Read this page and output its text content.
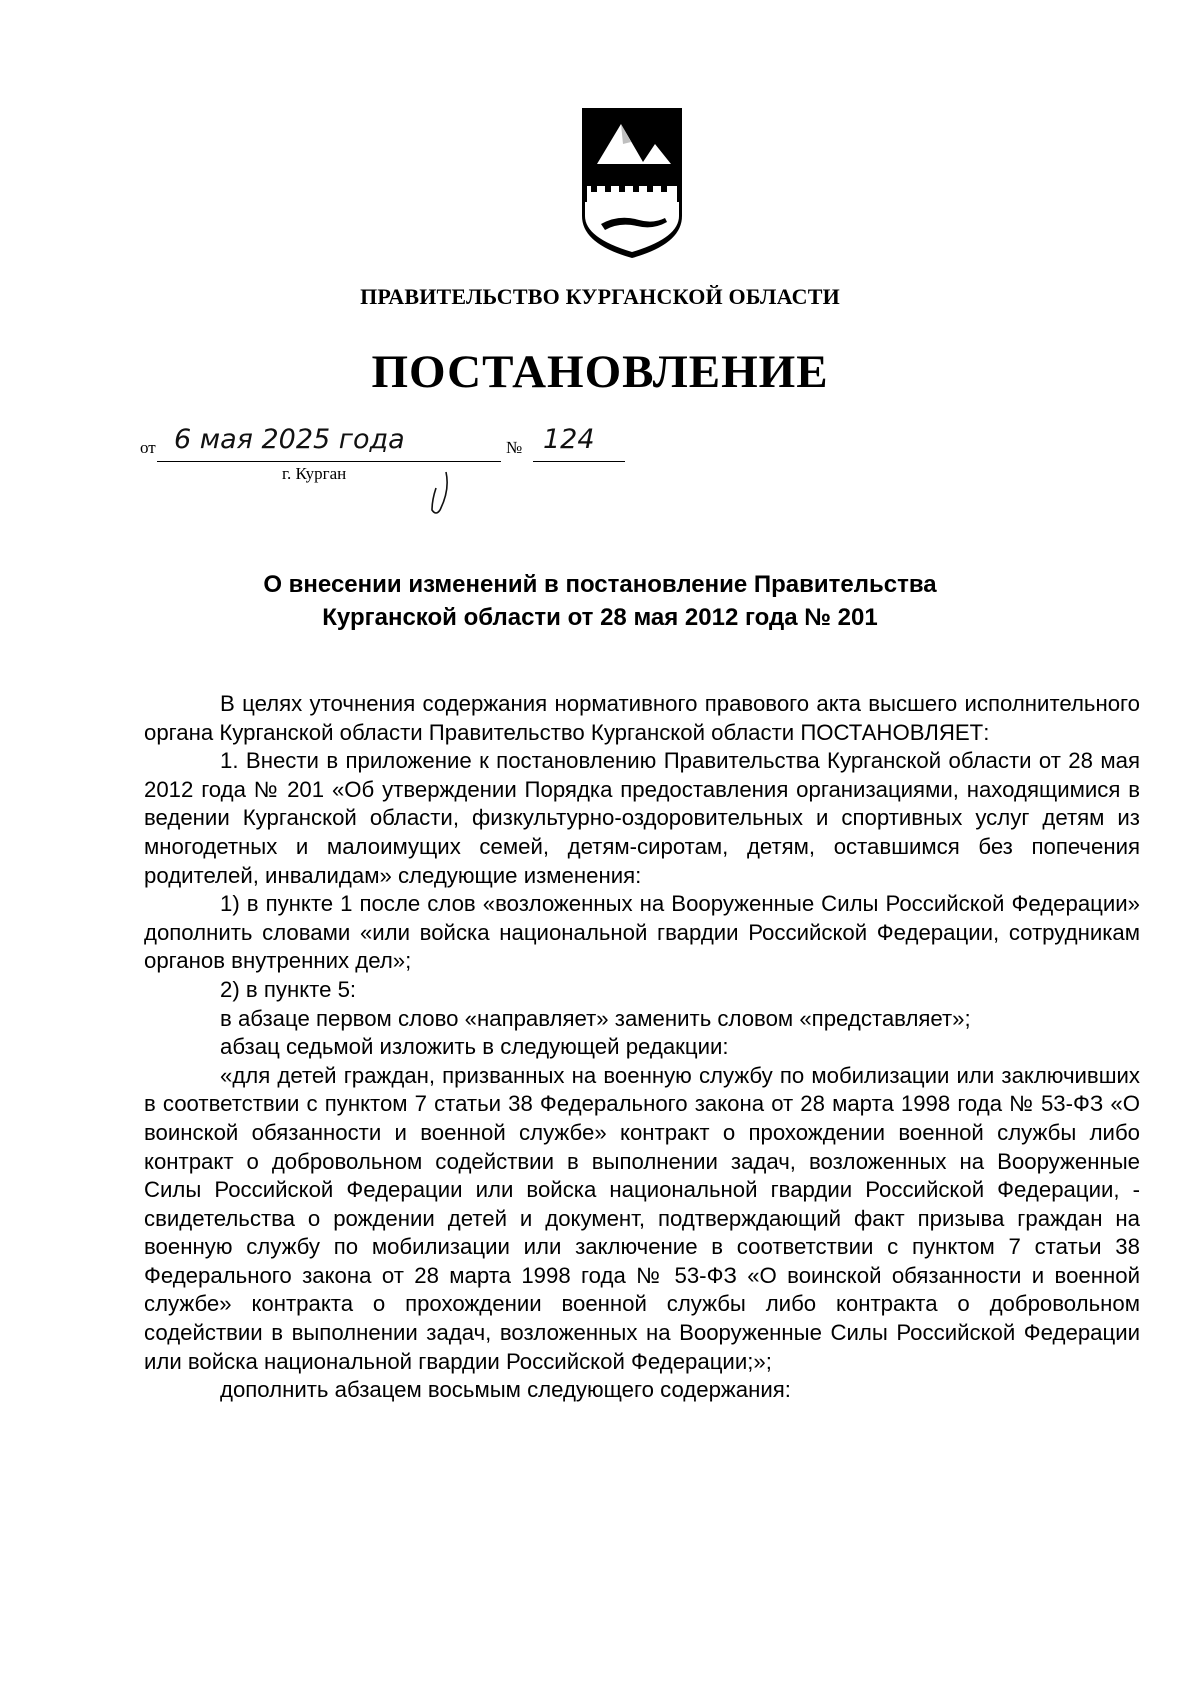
ПРАВИТЕЛЬСТВО КУРГАНСКОЙ ОБЛАСТИ
ПОСТАНОВЛЕНИЕ
от 6 мая 2025 года	№ 124
г. Курган
О внесении изменений в постановление Правительства
Курганской области от 28 мая 2012 года № 201

В целях уточнения содержания нормативного правового акта высшего исполнительного органа Курганской области Правительство Курганской области ПОСТАНОВЛЯЕТ:

1. Внести в приложение к постановлению Правительства Курганской области от 28 мая 2012 года № 201 «Об утверждении Порядка предоставления организациями, находящимися в ведении Курганской области, физкультурно-оздоровительных и спортивных услуг детям из многодетных и малоимущих семей, детям-сиротам, детям, оставшимся без попечения родителей, инвалидам» следующие изменения:

1) в пункте 1 после слов «возложенных на Вооруженные Силы Российской Федерации» дополнить словами «или войска национальной гвардии Российской Федерации, сотрудникам органов внутренних дел»;

2) в пункте 5:

в абзаце первом слово «направляет» заменить словом «представляет»;

абзац седьмой изложить в следующей редакции:

«для детей граждан, призванных на военную службу по мобилизации или заключивших в соответствии с пунктом 7 статьи 38 Федерального закона от 28 марта 1998 года № 53-ФЗ «О воинской обязанности и военной службе» контракт о прохождении военной службы либо контракт о добровольном содействии в выполнении задач, возложенных на Вооруженные Силы Российской Федерации или войска национальной гвардии Российской Федерации, - свидетельства о рождении детей и документ, подтверждающий факт призыва граждан на военную службу по мобилизации или заключение в соответствии с пунктом 7 статьи 38 Федерального закона от 28 марта 1998 года № 53-ФЗ «О воинской обязанности и военной службе» контракта о прохождении военной службы либо контракта о добровольном содействии в выполнении задач, возложенных на Вооруженные Силы Российской Федерации или войска национальной гвардии Российской Федерации;»;

дополнить абзацем восьмым следующего содержания:
